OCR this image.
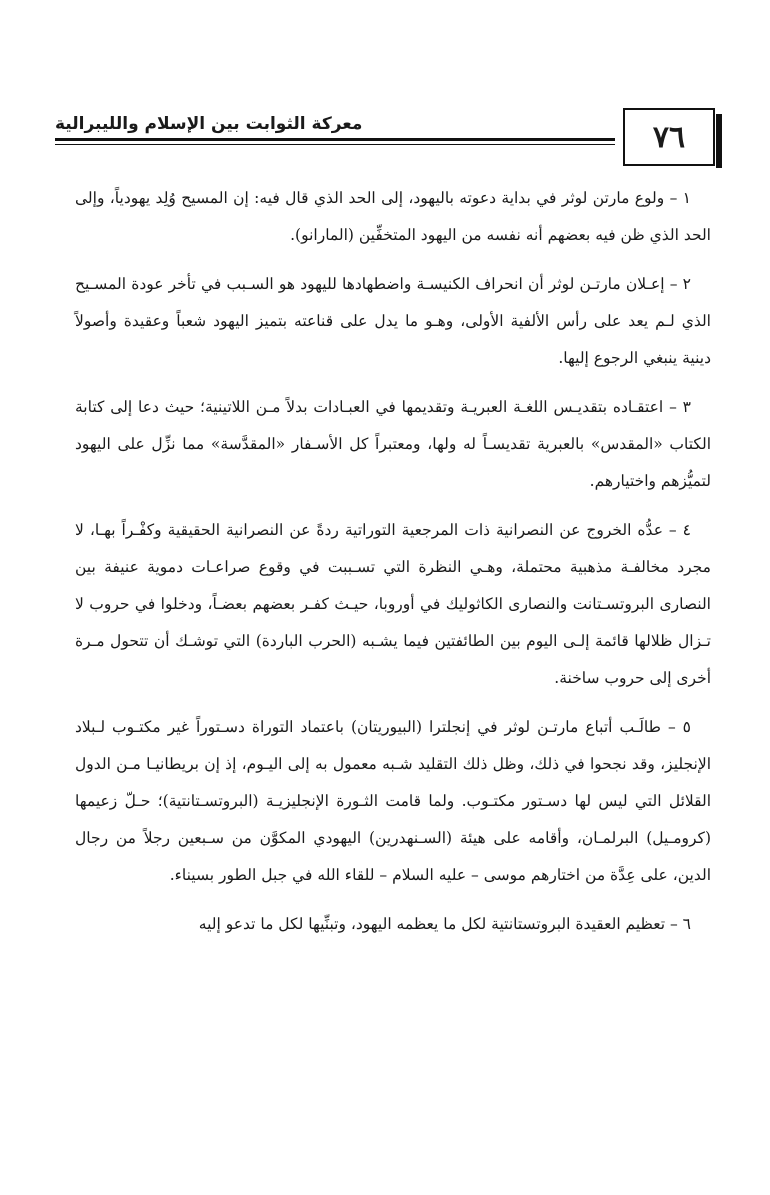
٧٦
معركة الثوابت بين الإسلام والليبرالية

١ – ولوع مارتن لوثر في بداية دعوته باليهود، إلى الحد الذي قال فيه: إن المسيح وُلِد يهودياً، وإلى الحد الذي ظن فيه بعضهم أنه نفسه من اليهود المتخفِّين (المارانو).

٢ – إعـلان مارتـن لوثر أن انحراف الكنيسـة واضطهادها لليهود هو السـبب في تأخر عودة المسـيح الذي لـم يعد على رأس الألفية الأولى، وهـو ما يدل على قناعته بتميز اليهود شعباً وعقيدة وأصولاً دينية ينبغي الرجوع إليها.

٣ – اعتقـاده بتقديـس اللغـة العبريـة وتقديمها في العبـادات بدلاً مـن اللاتينية؛ حيث دعا إلى كتابة الكتاب «المقدس» بالعبرية تقديسـاً له ولها، ومعتبراً كل الأسـفار «المقدَّسة» مما نزِّل على اليهود لتميُّزهم واختيارهم.

٤ – عدُّه الخروج عن النصرانية ذات المرجعية التوراتية ردةً عن النصرانية الحقيقية وكفْـراً بهـا، لا مجرد مخالفـة مذهبية محتملة، وهـي النظرة التي تسـببت في وقوع صراعـات دموية عنيفة بين النصارى البروتسـتانت والنصارى الكاثوليك في أوروبا، حيـث كفـر بعضهم بعضـاً، ودخلوا في حروب لا تـزال ظلالها قائمة إلـى اليوم بين الطائفتين فيما يشـبه (الحرب الباردة) التي توشـك أن تتحول مـرة أخرى إلى حروب ساخنة.

٥ – طالَـب أتباع مارتـن لوثر في إنجلترا (البيوريتان) باعتماد التوراة دسـتوراً غير مكتـوب لـبلاد الإنجليز، وقد نجحوا في ذلك، وظل ذلك التقليد شـبه معمول به إلى اليـوم، إذ إن بريطانيـا مـن الدول القلائل التي ليس لها دسـتور مكتـوب. ولما قامت الثـورة الإنجليزيـة (البروتسـتانتية)؛ حـلّ زعيمها (كرومـيل) البرلمـان، وأقامه على هيئة (السـنهدرين) اليهودي المكوَّن من سـبعين رجلاً من رجال الدين، على عِدَّة من اختارهم موسى – عليه السلام – للقاء الله في جبل الطور بسيناء.

٦ – تعظيم العقيدة البروتستانتية لكل ما يعظمه اليهود، وتبنِّيها لكل ما تدعو إليه
